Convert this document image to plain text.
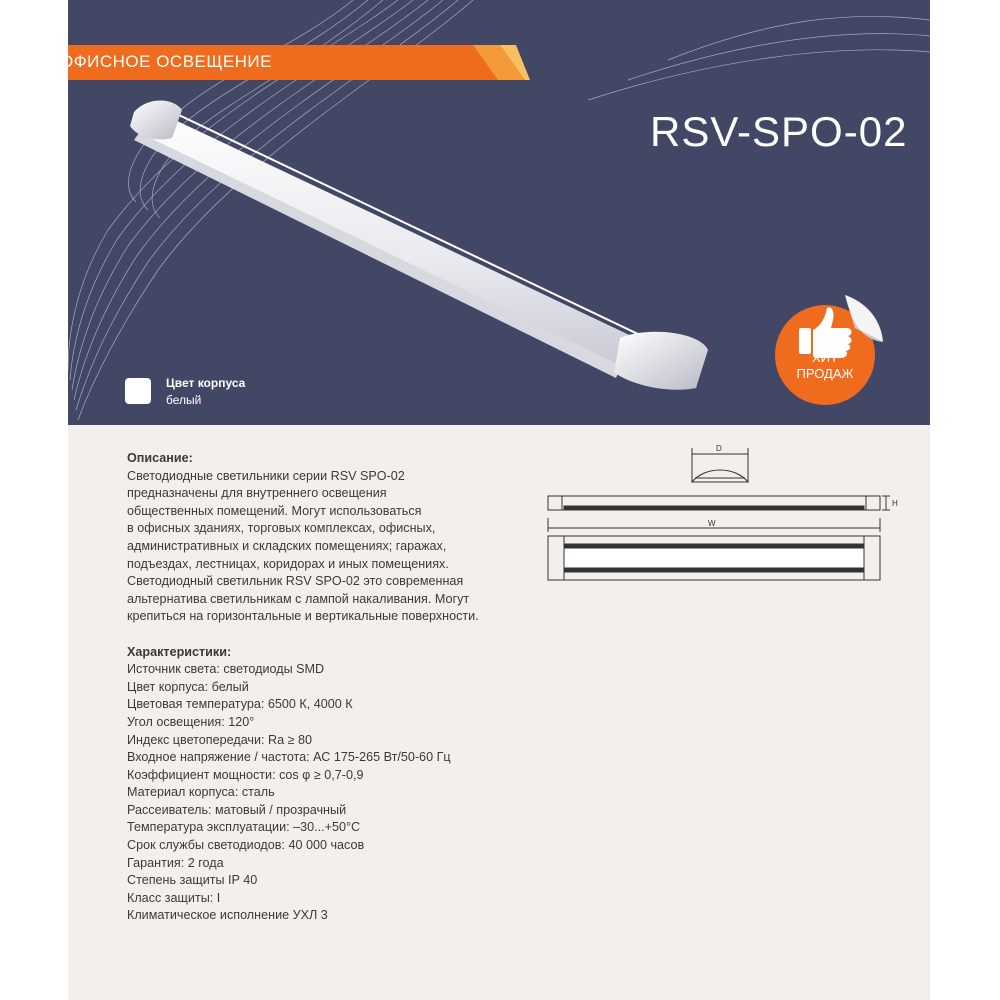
ОФИСНОЕ ОСВЕЩЕНИЕ
RSV-SPO-02
Цвет корпуса
белый
ХИТ
ПРОДАЖ
Описание:
Светодиодные светильники серии RSV SPO-02
предназначены для внутреннего освещения
общественных помещений. Могут использоваться
в офисных зданиях, торговых комплексах, офисных,
административных и складских помещениях; гаражах,
подъездах, лестницах, коридорах и иных помещениях.
Светодиодный светильник RSV SPO-02 это современная
альтернатива светильникам с лампой накаливания. Могут
крепиться на горизонтальные и вертикальные поверхности.
Характеристики:
Источник света: светодиоды SMD
Цвет корпуса: белый
Цветовая температура: 6500 К, 4000 К
Угол освещения: 120°
Индекс цветопередачи: Ra ≥ 80
Входное напряжение / частота: АС 175-265 Вт/50-60 Гц
Коэффициент мощности: cos φ ≥ 0,7-0,9
Материал корпуса: сталь
Рассеиватель: матовый / прозрачный
Температура эксплуатации: –30...+50°С
Срок службы светодиодов: 40 000 часов
Гарантия: 2 года
Степень защиты IP 40
Класс защиты: I
Климатическое исполнение УХЛ 3
D
H
W
